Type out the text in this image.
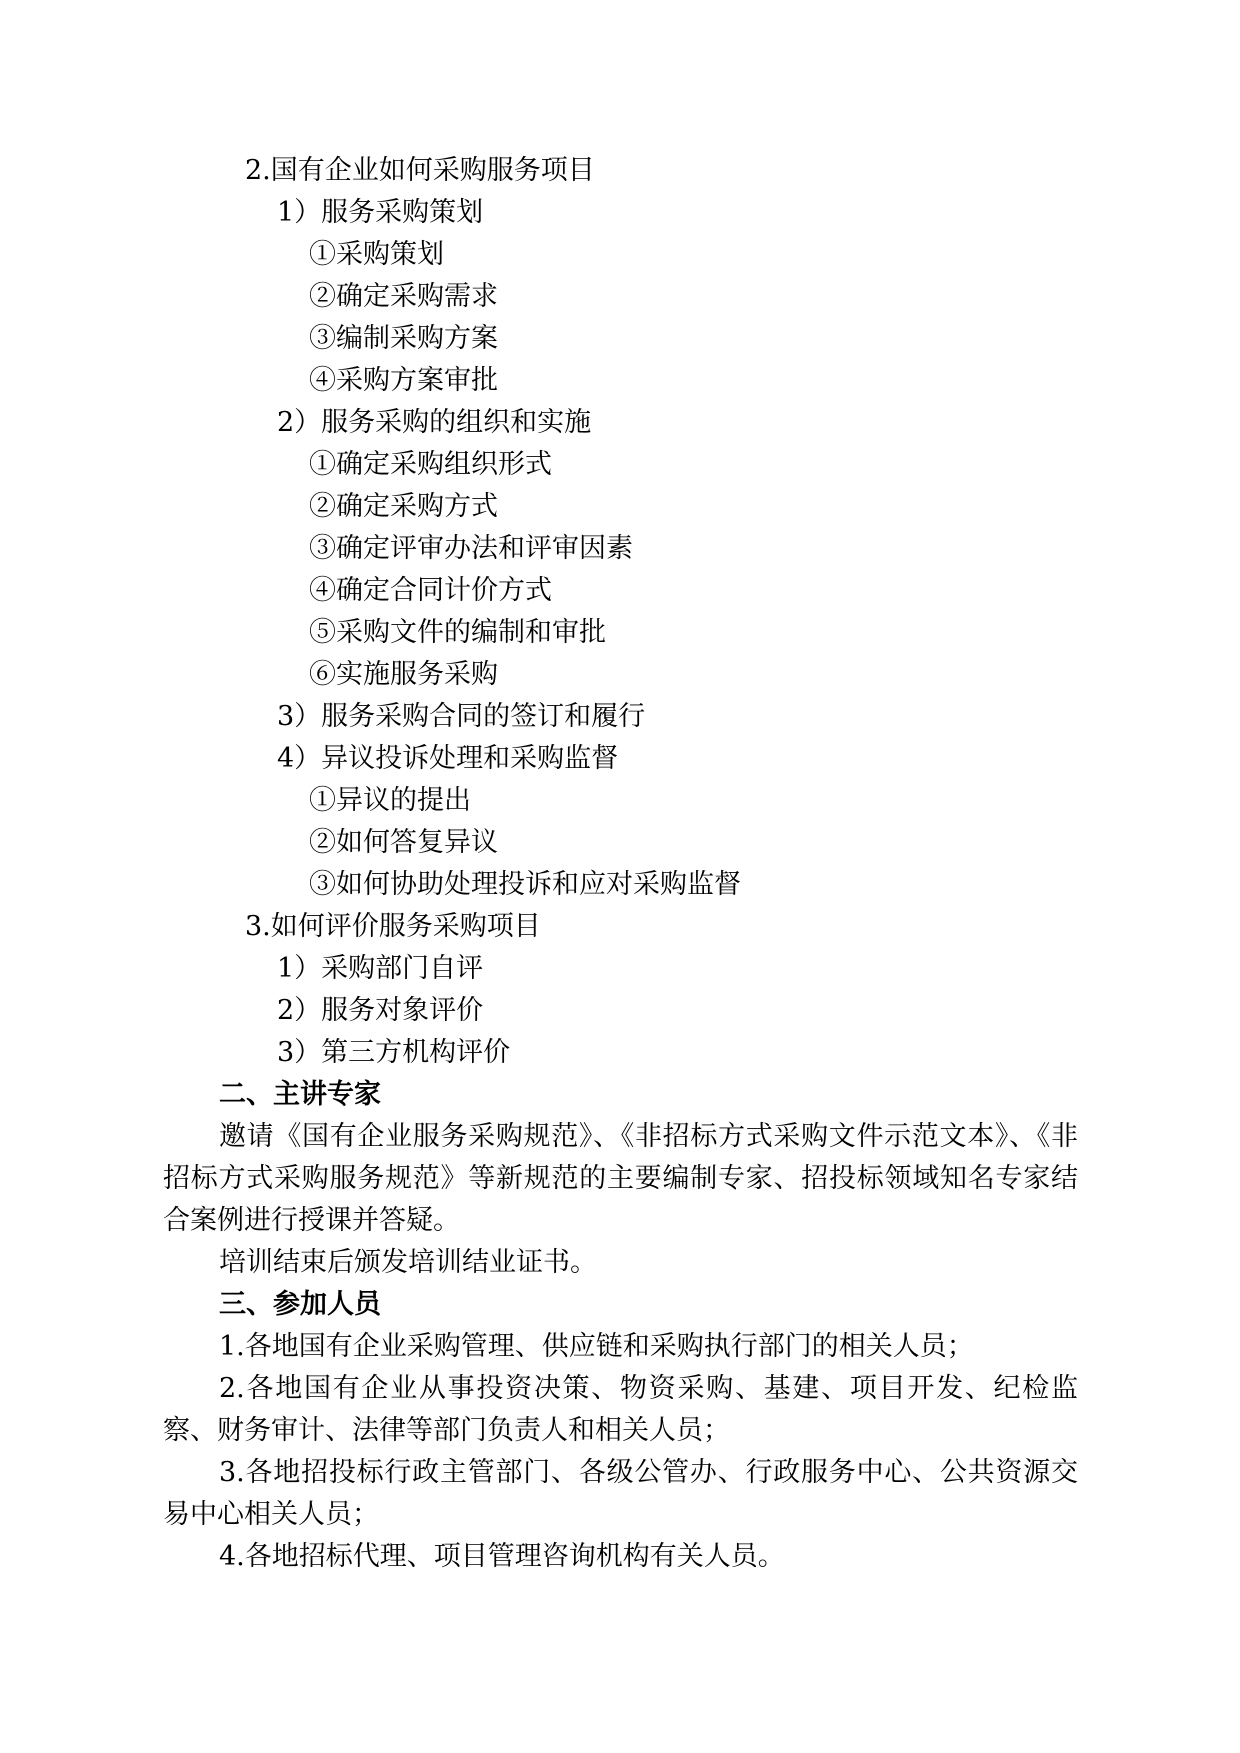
2.国有企业如何采购服务项目
1）服务采购策划
①采购策划
②确定采购需求
③编制采购方案
④采购方案审批
2）服务采购的组织和实施
①确定采购组织形式
②确定采购方式
③确定评审办法和评审因素
④确定合同计价方式
⑤采购文件的编制和审批
⑥实施服务采购
3）服务采购合同的签订和履行
4）异议投诉处理和采购监督
①异议的提出
②如何答复异议
③如何协助处理投诉和应对采购监督
3.如何评价服务采购项目
1）采购部门自评
2）服务对象评价
3）第三方机构评价
二、主讲专家
邀请《国有企业服务采购规范》、《非招标方式采购文件示范文本》、《非招标方式采购服务规范》等新规范的主要编制专家、招投标领域知名专家结合案例进行授课并答疑。
培训结束后颁发培训结业证书。
三、参加人员
1.各地国有企业采购管理、供应链和采购执行部门的相关人员；
2.各地国有企业从事投资决策、物资采购、基建、项目开发、纪检监察、财务审计、法律等部门负责人和相关人员；
3.各地招投标行政主管部门、各级公管办、行政服务中心、公共资源交易中心相关人员；
4.各地招标代理、项目管理咨询机构有关人员。
